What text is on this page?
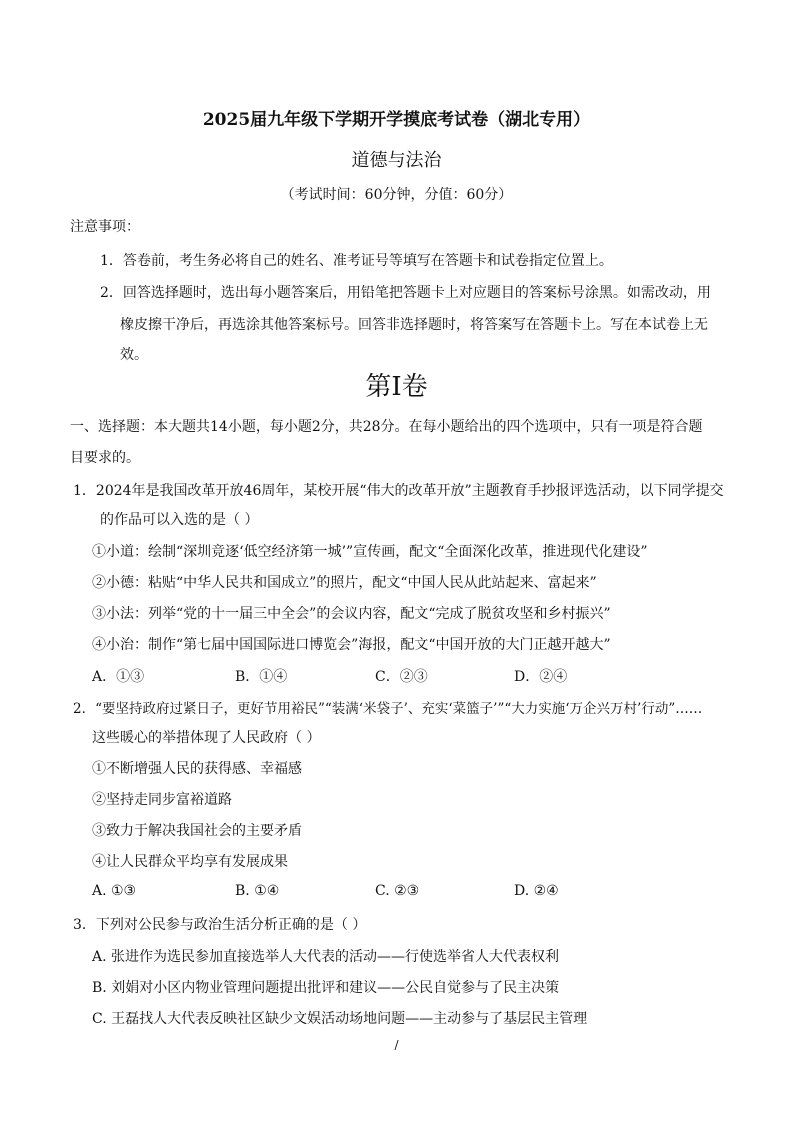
2025届九年级下学期开学摸底考试卷（湖北专用）
道德与法治
（考试时间：60分钟，分值：60分）
注意事项：
1．答卷前，考生务必将自己的姓名、准考证号等填写在答题卡和试卷指定位置上。
2．回答选择题时，选出每小题答案后，用铅笔把答题卡上对应题目的答案标号涂黑。如需改动，用
橡皮擦干净后，再选涂其他答案标号。回答非选择题时，将答案写在答题卡上。写在本试卷上无
效。
第Ⅰ卷
一、选择题：本大题共14小题，每小题2分，共28分。在每小题给出的四个选项中，只有一项是符合题
目要求的。
1．2024年是我国改革开放46周年，某校开展“伟大的改革开放”主题教育手抄报评选活动，以下同学提交
的作品可以入选的是（ ）
①小道：绘制“深圳竞逐‘低空经济第一城’”宣传画，配文“全面深化改革，推进现代化建设”
②小德：粘贴“中华人民共和国成立”的照片，配文“中国人民从此站起来、富起来”
③小法：列举“党的十一届三中全会”的会议内容，配文“完成了脱贫攻坚和乡村振兴”
④小治：制作“第七届中国国际进口博览会”海报，配文“中国开放的大门正越开越大”
A．①③	B．①④	C．②③	D．②④
2．“要坚持政府过紧日子，更好节用裕民”“装满‘米袋子’、充实‘菜篮子’”“大力实施‘万企兴万村’行动”……
这些暖心的举措体现了人民政府（ ）
①不断增强人民的获得感、幸福感
②坚持走同步富裕道路
③致力于解决我国社会的主要矛盾
④让人民群众平均享有发展成果
A. ①③	B. ①④	C. ②③	D. ②④
3．下列对公民参与政治生活分析正确的是（ ）
A. 张进作为选民参加直接选举人大代表的活动——行使选举省人大代表权利
B. 刘娟对小区内物业管理问题提出批评和建议——公民自觉参与了民主决策
C. 王磊找人大代表反映社区缺少文娱活动场地问题——主动参与了基层民主管理
/
